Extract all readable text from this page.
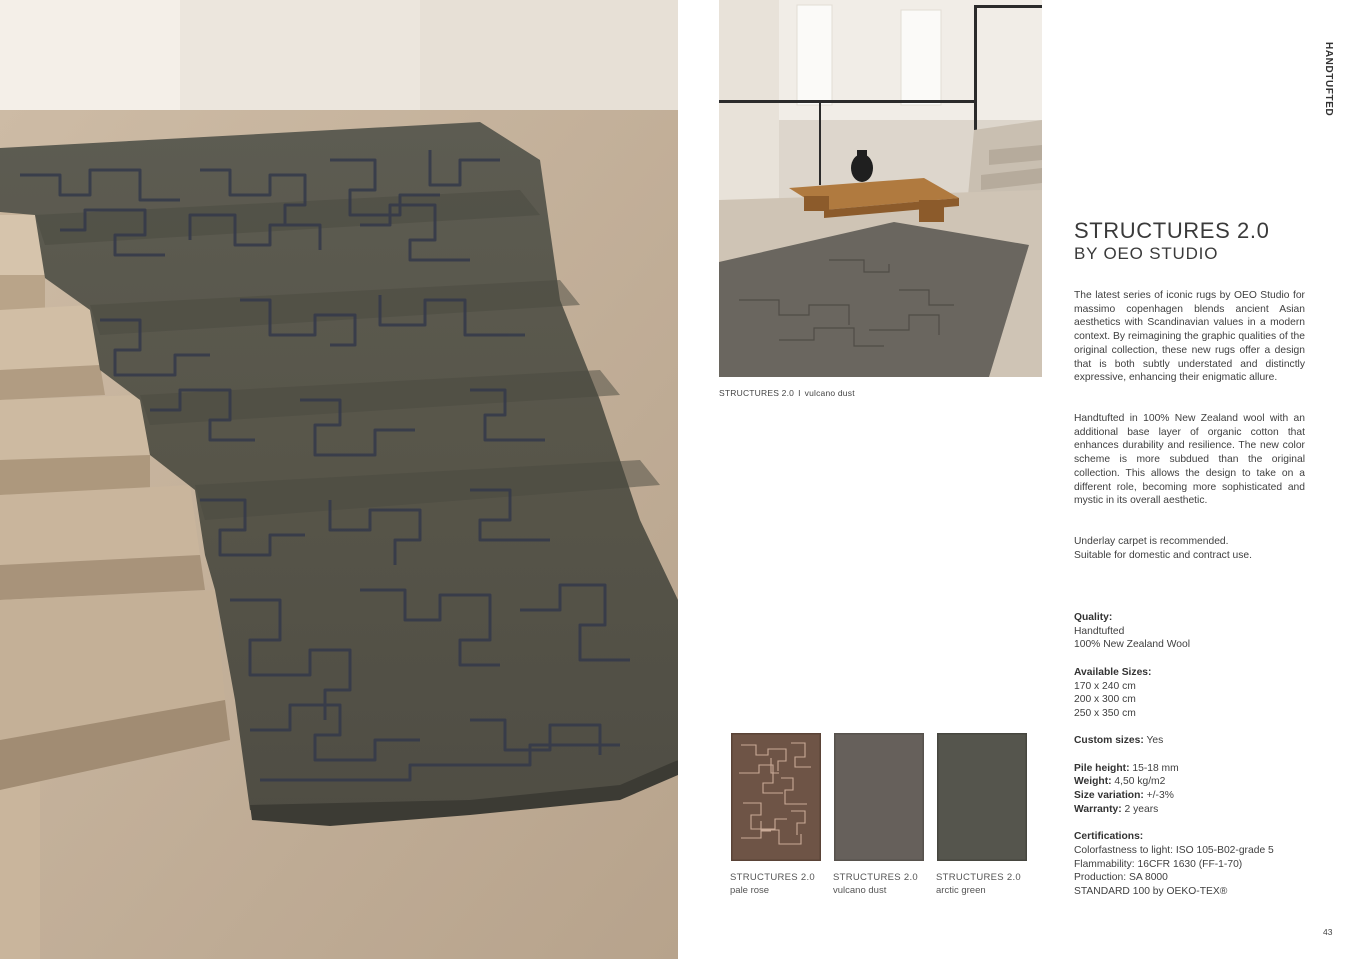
STRUCTURES 2.0 I vulcano dust
HANDTUFTED
STRUCTURES 2.0
BY OEO STUDIO

The latest series of iconic rugs by OEO Studio for massimo copenhagen blends ancient Asian aesthetics with Scandinavian values in a modern context. By reimagining the graphic qualities of the original collection, these new rugs offer a design that is both subtly understated and distinctly expressive, enhancing their enigmatic allure.

Handtufted in 100% New Zealand wool with an additional base layer of organic cotton that enhances durability and resilience. The new color scheme is more subdued than the original collection. This allows the design to take on a different role, becoming more sophisticated and mystic in its overall aesthetic.

Underlay carpet is recommended.
Suitable for domestic and contract use.
Quality:
Handtufted
100% New Zealand Wool
Available Sizes:
170 x 240 cm
200 x 300 cm
250 x 350 cm
Custom sizes: Yes
Pile height: 15-18 mm
Weight: 4,50 kg/m2
Size variation: +/-3%
Warranty: 2 years
Certifications:
Colorfastness to light: ISO 105-B02-grade 5
Flammability: 16CFR 1630 (FF-1-70)
Production: SA 8000
STANDARD 100 by OEKO-TEX®
STRUCTURES 2.0
pale rose
STRUCTURES 2.0
vulcano dust
STRUCTURES 2.0
arctic green
43
